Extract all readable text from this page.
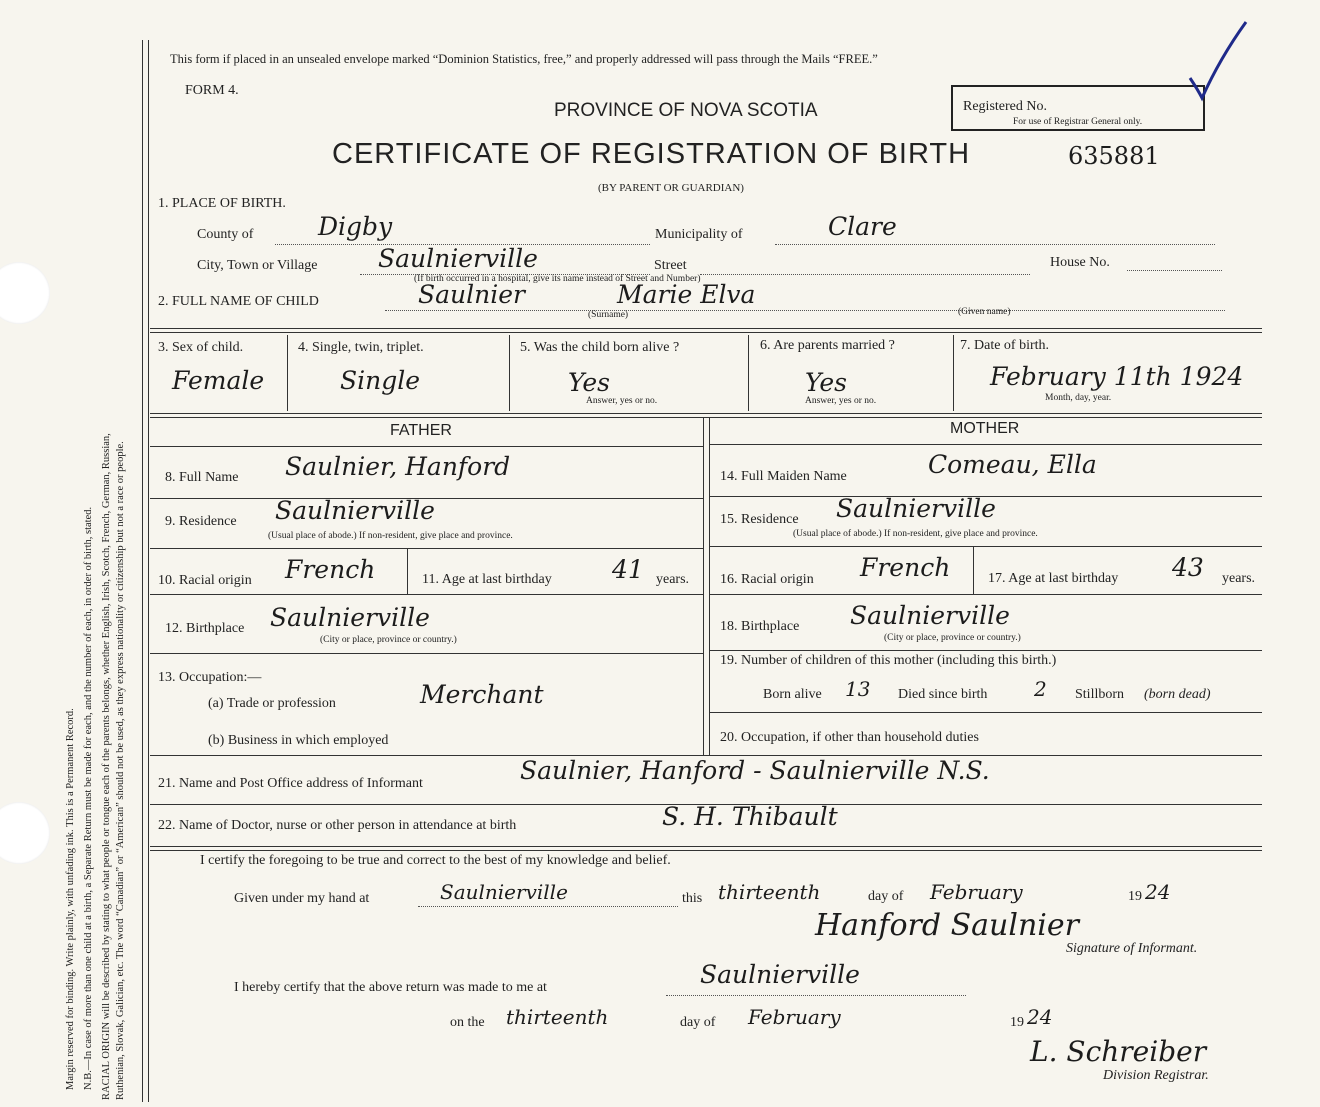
Margin reserved for binding. Write plainly, with unfading ink. This is a Permanent Record. N.B.—In case of more than one child at a birth, a Separate Return must be made for each, and the number of each, in order of birth, stated. RACIAL ORIGIN will be described by stating to what people or tongue each of the parents belongs, whether English, Irish, Scotch, French, German, Russian, Ruthenian, Slovak, Galician, etc. The word “Canadian” or “American” should not be used, as they express nationality or citizenship but not a race or people.
This form if placed in an unsealed envelope marked “Dominion Statistics, free,” and properly addressed will pass through the Mails “FREE.”
FORM 4.
PROVINCE OF NOVA SCOTIA
CERTIFICATE OF REGISTRATION OF BIRTH	635881
(BY PARENT OR GUARDIAN)
Registered No.
For use of Registrar General only.
1. PLACE OF BIRTH.
County of	Digby	Municipality of	Clare
City, Town or Village Saulnierville
(If birth occurred in a hospital, give its name instead of Street and Number)
Street	House No.
2. FULL NAME OF CHILD	Saulnier	Marie Elva
(Surname)	(Given name)
3. Sex of child.
Female
4. Single, twin, triplet.
Single
5. Was the child born alive ?
Yes
Answer, yes or no.
6. Are parents married ?
Yes
Answer, yes or no.
7. Date of birth.
February 11th 1924
Month, day, year.
FATHER	MOTHER
8. Full Name Saulnier, Hanford
9. Residence Saulnierville
(Usual place of abode.) If non-resident, give place and province.
10. Racial origin French	11. Age at last birthday 41 years.
12. Birthplace Saulnierville
(City or place, province or country.)
13. Occupation:—
(a) Trade or profession	Merchant
(b) Business in which employed
14. Full Maiden Name	Comeau, Ella
15. Residence Saulnierville
(Usual place of abode.) If non-resident, give place and province.
16. Racial origin French	17. Age at last birthday 43 years.
18. Birthplace Saulnierville
(City or place, province or country.)
19. Number of children of this mother (including this birth.)
Born alive 13 Died since birth 2 Stillborn (born dead)
20. Occupation, if other than household duties
21. Name and Post Office address of Informant	Saulnier, Hanford - Saulnierville N.S.
22. Name of Doctor, nurse or other person in attendance at birth	S. H. Thibault
I certify the foregoing to be true and correct to the best of my knowledge and belief.
Given under my hand at	Saulnierville	this thirteenth	day of February	19 24
Hanford Saulnier
Signature of Informant.
I hereby certify that the above return was made to me at	Saulnierville
on the thirteenth	day of February	19 24
L. Schreiber
Division Registrar.
